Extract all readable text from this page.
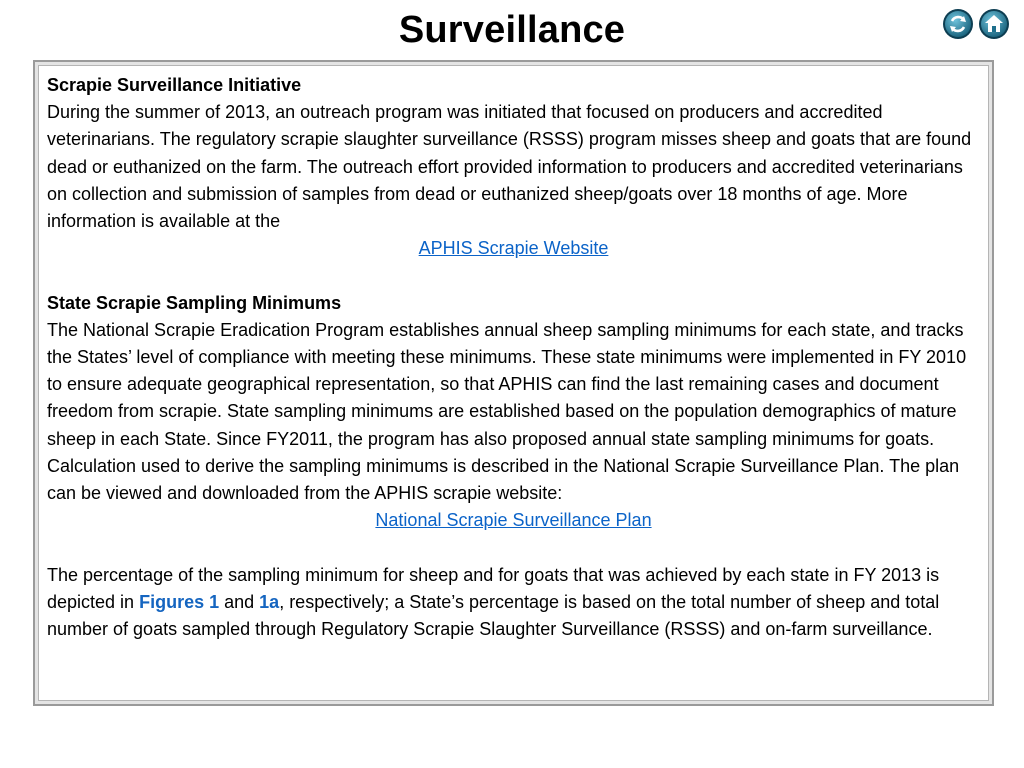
Surveillance
Scrapie Surveillance Initiative

During the summer of 2013, an outreach program was initiated that focused on producers and accredited veterinarians. The regulatory scrapie slaughter surveillance (RSSS) program misses sheep and goats that are found dead or euthanized on the farm. The outreach effort provided information to producers and accredited veterinarians on collection and submission of samples from dead or euthanized sheep/goats over 18 months of age. More information is available at the

APHIS Scrapie Website
State Scrapie Sampling Minimums

The National Scrapie Eradication Program establishes annual sheep sampling minimums for each state, and tracks the States’ level of compliance with meeting these minimums. These state minimums were implemented in FY 2010 to ensure adequate geographical representation, so that APHIS can find the last remaining cases and document freedom from scrapie. State sampling minimums are established based on the population demographics of mature sheep in each State. Since FY2011, the program has also proposed annual state sampling minimums for goats. Calculation used to derive the sampling minimums is described in the National Scrapie Surveillance Plan. The plan can be viewed and downloaded from the APHIS scrapie website:

National Scrapie Surveillance Plan

The percentage of the sampling minimum for sheep and for goats that was achieved by each state in FY 2013 is depicted in Figures 1 and 1a, respectively; a State’s percentage is based on the total number of sheep and total number of goats sampled through Regulatory Scrapie Slaughter Surveillance (RSSS) and on-farm surveillance.
